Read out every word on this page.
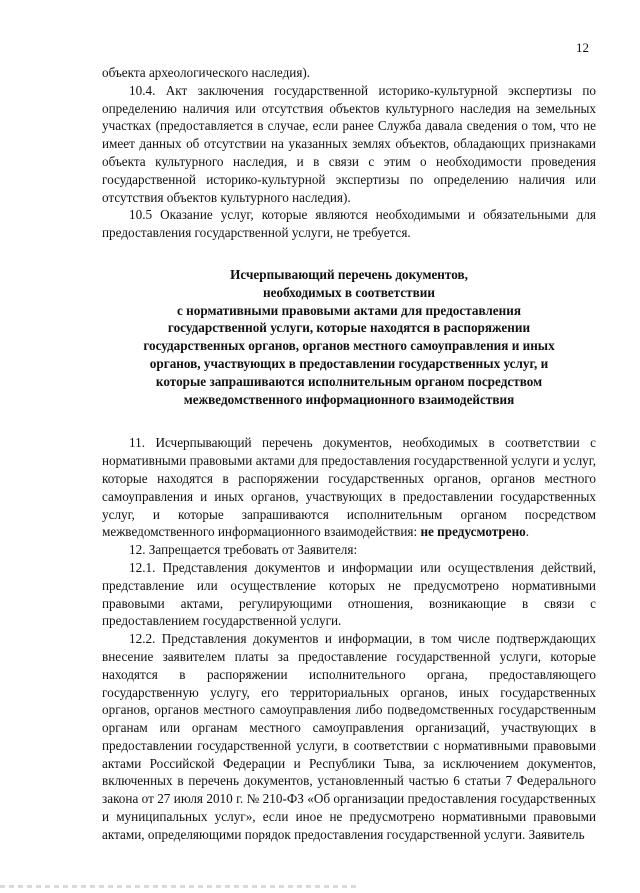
12

объекта археологического наследия).

10.4. Акт заключения государственной историко-культурной экспертизы по определению наличия или отсутствия объектов культурного наследия на земельных участках (предоставляется в случае, если ранее Служба давала сведения о том, что не имеет данных об отсутствии на указанных землях объектов, обладающих признаками объекта культурного наследия, и в связи с этим о необходимости проведения государственной историко-культурной экспертизы по определению наличия или отсутствия объектов культурного наследия).

10.5 Оказание услуг, которые являются необходимыми и обязательными для предоставления государственной услуги, не требуется.

Исчерпывающий перечень документов,
необходимых в соответствии
с нормативными правовыми актами для предоставления
государственной услуги, которые находятся в распоряжении
государственных органов, органов местного самоуправления и иных
органов, участвующих в предоставлении государственных услуг, и
которые запрашиваются исполнительным органом посредством
межведомственного информационного взаимодействия

11. Исчерпывающий перечень документов, необходимых в соответствии с нормативными правовыми актами для предоставления государственной услуги и услуг, которые находятся в распоряжении государственных органов, органов местного самоуправления и иных органов, участвующих в предоставлении государственных услуг, и которые запрашиваются исполнительным органом посредством межведомственного информационного взаимодействия: не предусмотрено.

12. Запрещается требовать от Заявителя:

12.1. Представления документов и информации или осуществления действий, представление или осуществление которых не предусмотрено нормативными правовыми актами, регулирующими отношения, возникающие в связи с предоставлением государственной услуги.

12.2. Представления документов и информации, в том числе подтверждающих внесение заявителем платы за предоставление государственной услуги, которые находятся в распоряжении исполнительного органа, предоставляющего государственную услугу, его территориальных органов, иных государственных органов, органов местного самоуправления либо подведомственных государственным органам или органам местного самоуправления организаций, участвующих в предоставлении государственной услуги, в соответствии с нормативными правовыми актами Российской Федерации и Республики Тыва, за исключением документов, включенных в перечень документов, установленный частью 6 статьи 7 Федерального закона от 27 июля 2010 г. № 210-ФЗ «Об организации предоставления государственных и муниципальных услуг», если иное не предусмотрено нормативными правовыми актами, определяющими порядок предоставления государственной услуги. Заявитель
